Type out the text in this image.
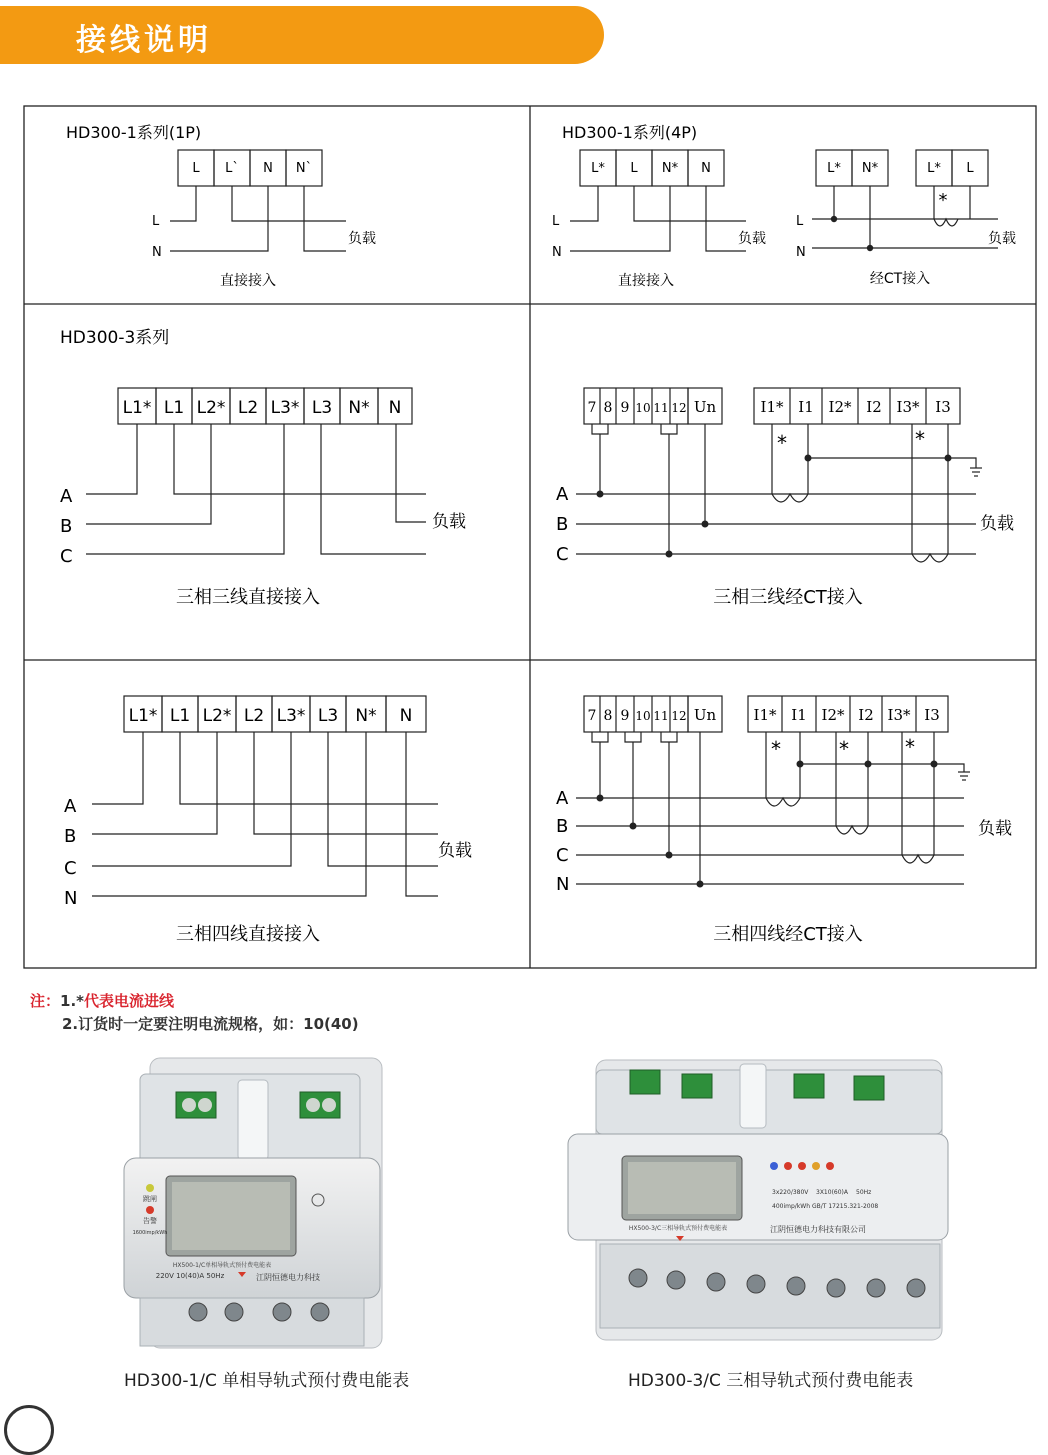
接线说明
HD300-1系列(1P)
L L` N N`
L
N
负载
直接接入
HD300-1系列(4P)
L* L N* N	L* N*	L* L
*
L
N
L
N
负载	负载
直接接入	经CT接入
HD300-3系列
L1* L1 L2* L2 L3* L3 N* N
A
B
C
负载
三相三线直接接入
7 8 9 10 11 12 Un	I1* I1 I2* I2 I3* I3
*	*
A
B
C
负载
三相三线经CT接入
L1* L1 L2* L2 L3* L3 N* N
A
B
C
N
负载
三相四线直接接入
7 8 9 10 11 12 Un I1* I1 I2* I2 I3* I3
*	*	*
A
B
C
N
负载
三相四线经CT接入
注：1.*代表电流进线
2.订货时一定要注明电流规格，如：10(40)
跳闸
告警
1600imp/kWh
HX500-1/C单相导轨式预付费电能表
220V 10(40)A 50Hz	江阴恒德电力科技
HD300-1/C 单相导轨式预付费电能表
3x220/380V 3X10(60)A 50Hz
400imp/kWh GB/T 17215.321-2008
HX500-3/C三相导轨式预付费电能表	江阴恒德电力科技有限公司
HD300-3/C 三相导轨式预付费电能表
